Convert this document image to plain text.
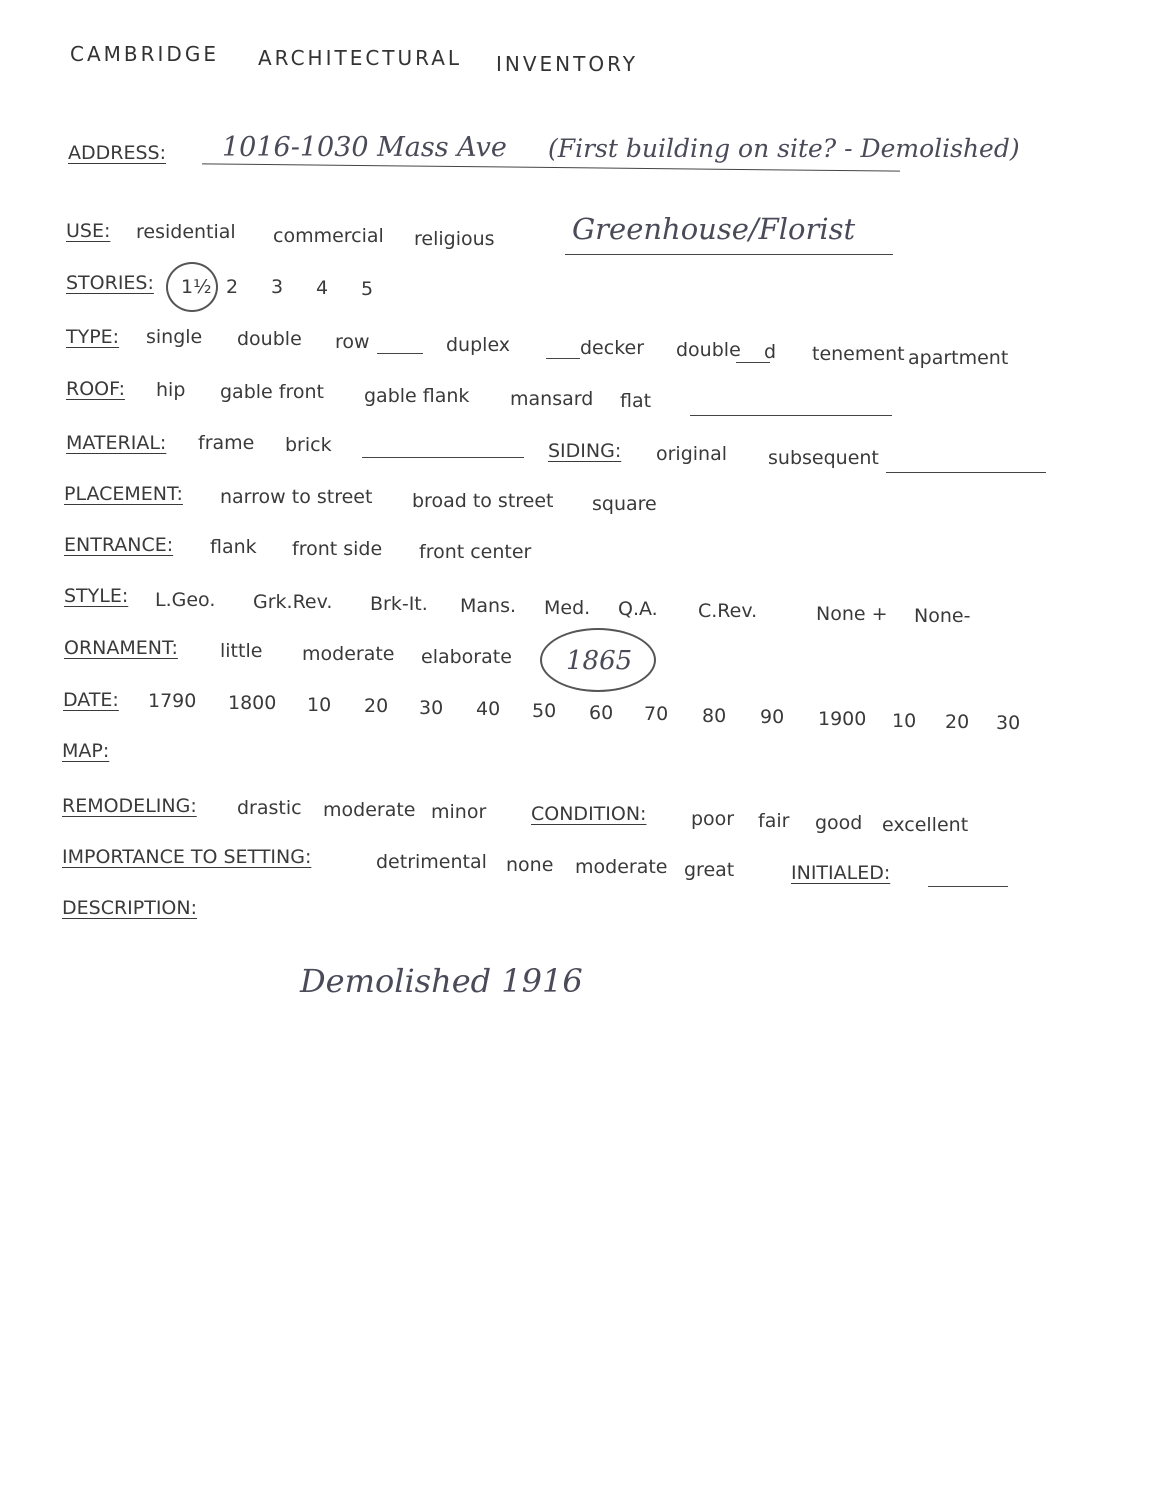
CAMBRIDGE ARCHITECTURAL INVENTORY
ADDRESS: 1016-1030 Mass Ave (First building on site? - Demolished)
USE: residential commercial religious	Greenhouse/Florist
STORIES: 1½ 2 3 4 5
TYPE: single double row	duplex	decker double d tenement apartment
ROOF: hip gable front gable flank mansard flat
MATERIAL: frame brick	SIDING: original subsequent
PLACEMENT: narrow to street broad to street square
ENTRANCE: flank front side front center
STYLE: L.Geo. Grk.Rev. Brk-It. Mans. Med. Q.A. C.Rev.	None + None-
ORNAMENT: little moderate elaborate 1865
DATE: 1790 1800 10 20 30 40 50 60 70 80 90 1900 10 20 30
MAP:
REMODELING: drastic moderate minor CONDITION: poor fair good excellent
IMPORTANCE TO SETTING:	detrimental none moderate great	INITIALED:
DESCRIPTION:
Demolished 1916
